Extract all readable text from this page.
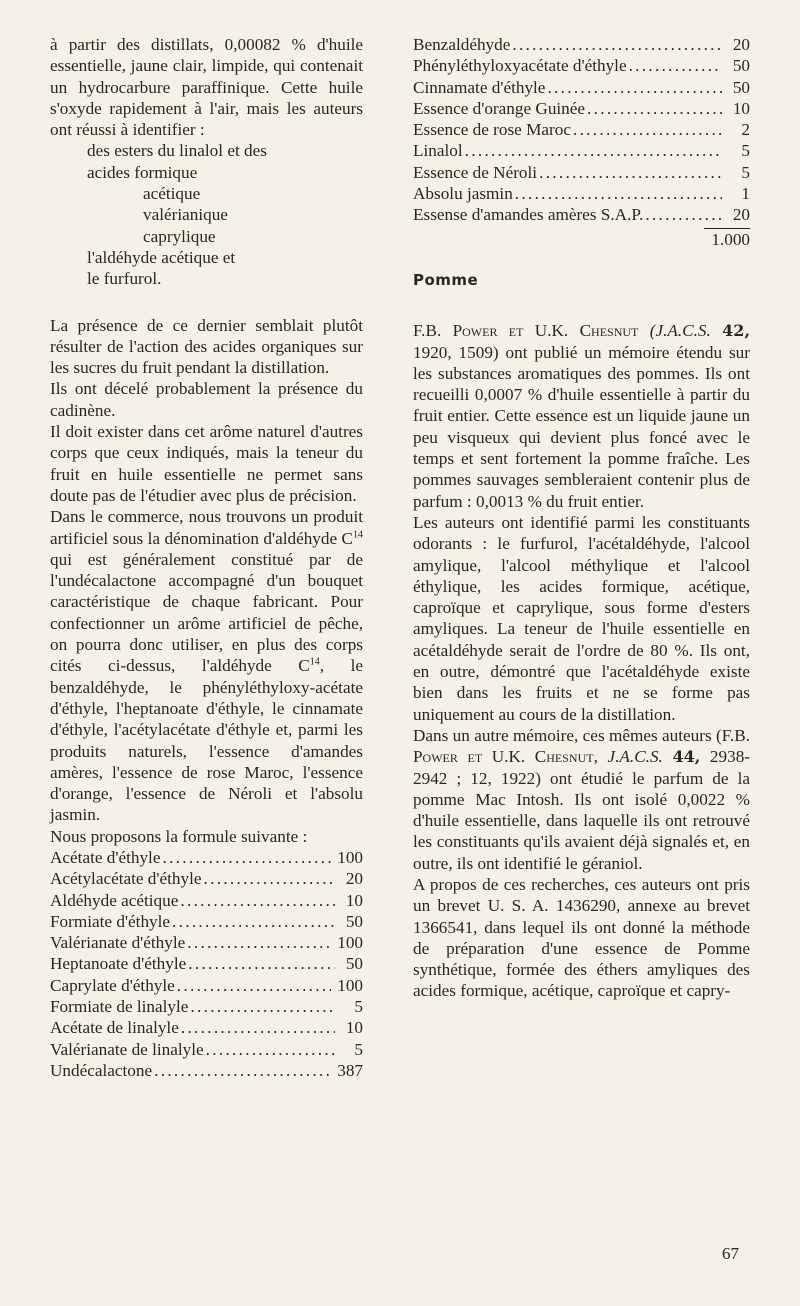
à partir des distillats, 0,00082 % d'huile essentielle, jaune clair, limpide, qui contenait un hydrocarbure paraffinique. Cette huile s'oxyde rapidement à l'air, mais les auteurs ont réussi à identifier :

des esters du linalol et des
acides formique
acétique
valérianique
caprylique
l'aldéhyde acétique et
le furfurol.

La présence de ce dernier semblait plutôt résulter de l'action des acides organiques sur les sucres du fruit pendant la distillation.

Ils ont décelé probablement la présence du cadinène.

Il doit exister dans cet arôme naturel d'autres corps que ceux indiqués, mais la teneur du fruit en huile essentielle ne permet sans doute pas de l'étudier avec plus de précision.

Dans le commerce, nous trouvons un produit artificiel sous la dénomination d'aldéhyde $C^{14}$ qui est généralement constitué par de l'undécalactone accompagné d'un bouquet caractéristique de chaque fabricant. Pour confectionner un arôme artificiel de pêche, on pourra donc utiliser, en plus des corps cités ci-dessus, l'aldéhyde $C^{14}$, le benzaldéhyde, le phényléthyloxy-acétate d'éthyle, l'heptanoate d'éthyle, le cinnamate d'éthyle, l'acétylacétate d'éthyle et, parmi les produits naturels, l'essence d'amandes amères, l'essence de rose Maroc, l'essence d'orange, l'essence de Néroli et l'absolu jasmin.

Nous proposons la formule suivante :

Acétate d'éthyle . . .	100
Acétylacétate d'éthyle . . .	20
Aldéhyde acétique . . .	10
Formiate d'éthyle . . .	50
Valérianate d'éthyle . . .	100
Heptanoate d'éthyle . . .	50
Caprylate d'éthyle . . .	100
Formiate de linalyle . . .	5
Acétate de linalyle . . .	10
Valérianate de linalyle . . .	5
Undécalactone . . .	387
Benzaldéhyde . . .	20
Phényléthyloxyacétate d'éthyle . . .	50
Cinnamate d'éthyle . . .	50
Essence d'orange Guinée . . .	10
Essence de rose Maroc . . .	2
Linalol . . .	5
Essence de Néroli . . .	5
Absolu jasmin . . .	1
Essense d'amandes amères S.A.P. . . .	20
1.000
Pomme

F.B. Power et U.K. Chesnut (J.A.C.S. 42, 1920, 1509) ont publié un mémoire étendu sur les substances aromatiques des pommes. Ils ont recueilli 0,0007 % d'huile essentielle à partir du fruit entier. Cette essence est un liquide jaune un peu visqueux qui devient plus foncé avec le temps et sent fortement la pomme fraîche. Les pommes sauvages sembleraient contenir plus de parfum : 0,0013 % du fruit entier.

Les auteurs ont identifié parmi les constituants odorants : le furfurol, l'acétaldéhyde, l'alcool amylique, l'alcool méthylique et l'alcool éthylique, les acides formique, acétique, caproïque et caprylique, sous forme d'esters amyliques. La teneur de l'huile essentielle en acétaldéhyde serait de l'ordre de 80 %. Ils ont, en outre, démontré que l'acétaldéhyde existe bien dans les fruits et ne se forme pas uniquement au cours de la distillation.

Dans un autre mémoire, ces mêmes auteurs (F.B. Power et U.K. Chesnut, J.A.C.S. 44, 2938-2942 ; 12, 1922) ont étudié le parfum de la pomme Mac Intosh. Ils ont isolé 0,0022 % d'huile essentielle, dans laquelle ils ont retrouvé les constituants qu'ils avaient déjà signalés et, en outre, ils ont identifié le géraniol.

A propos de ces recherches, ces auteurs ont pris un brevet U. S. A. 1436290, annexe au brevet 1366541, dans lequel ils ont donné la méthode de préparation d'une essence de Pomme synthétique, formée des éthers amyliques des acides formique, acétique, caproïque et capry-

67
